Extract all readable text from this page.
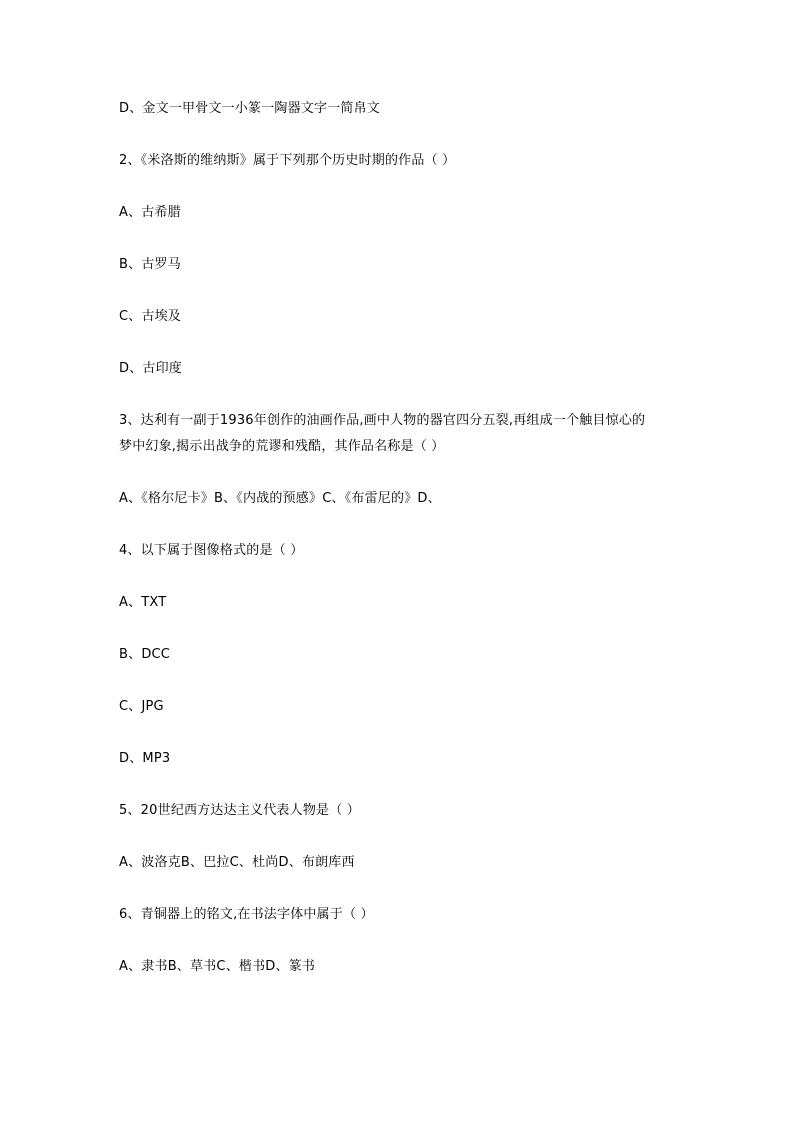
D、金文一甲骨文一小篆一陶器文字一简帛文
2、《米洛斯的维纳斯》属于下列那个历史时期的作品（ ）
A、古希腊
B、古罗马
C、古埃及
D、古印度
3、达利有一副于1936年创作的油画作品,画中人物的器官四分五裂,再组成一个触目惊心的
梦中幻象,揭示出战争的荒谬和残酷，其作品名称是（ ）
A、《格尔尼卡》B、《内战的预感》C、《布雷尼的》D、
4、以下属于图像格式的是（ ）
A、TXT
B、DCC
C、JPG
D、MP3
5、20世纪西方达达主义代表人物是（ ）
A、波洛克B、巴拉C、杜尚D、布朗库西
6、青铜器上的铭文,在书法字体中属于（ ）
A、隶书B、草书C、楷书D、篆书
